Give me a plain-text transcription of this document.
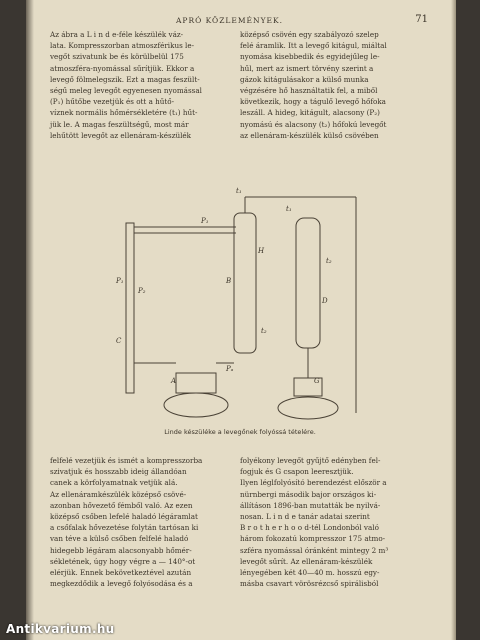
APRÓ KÖZLEMÉNYEK.	71
Az ábra a L i n d e-féle készülék váz-
lata. Kompresszorban atmoszférikus le-
vegőt szivatunk be és körülbelül 175
atmoszféra-nyomással sűrítjük. Ekkor a
levegő fölmelegszik. Ezt a magas feszült-
ségű meleg levegőt egyenesen nyomással
(P₁) hűtőbe vezetjük és ott a hűtő-
víznek normális hőmérsékletére (t₁) hűt-
jük le. A magas feszültségű, most már
lehűtött levegőt az ellenáram-készülék
középső csövén egy szabályozó szelep
felé áramlik. Itt a levegő kitágul, miáltal
nyomása kisebbedik és egyidejűleg le-
hűl, mert az ismert törvény szerint a
gázok kitágulásakor a külső munka
végzésére hő használtatik fel, a miből
következik, hogy a tágulő levegő hőfoka
leszáll. A hideg, kitágult, alacsony (P₂)
nyomású és alacsony (t₂) hőfokú levegőt
az ellenáram-készülék külső csövében
t₁
P₁
P₁
P₂
t₁
t₂
t₂
Pₐ
A
B
C
D
G
H
Linde készüléke a levegőnek folyóssá tételére.
felfelé vezetjük és ismét a kompresszorba
szivatjuk és hosszabb ideig állandóan
canek a körfolyamatnak vetjük alá.
Az ellenáramkészülék középső csövé-
azonban hővezető fémből való. Az ezen
középső csőben lefelé haladó légáramlat
a csőfalak hővezetése folytán tartósan ki
van téve a külső csőben felfelé haladó
hidegebb légáram alacsonyabb hőmér-
sékletének, úgy hogy végre a — 140°-ot
elérjük. Ennek bekövetkeztével azután
megkezdődik a levegő folyósodása és a
folyékony levegőt gyűjtő edényben fel-
fogjuk és G csapon leeresztjük.
Ilyen léglfolyósító berendezést először a
nürnbergi második bajor országos ki-
állításon 1896-ban mutatták be nyilvá-
nosan. L i n d e tanár adatai szerint
B r o t h e r h o o d-tél Londonból való
három fokozatú kompresszor 175 atmo-
szféra nyomással óránként mintegy 2 m³
levegőt sűrít. Az ellenáram-készülék
lényegében két 40—40 m. hosszú egy-
másba csavart vörösrézcső spirálisból
Antikvarium.hu
